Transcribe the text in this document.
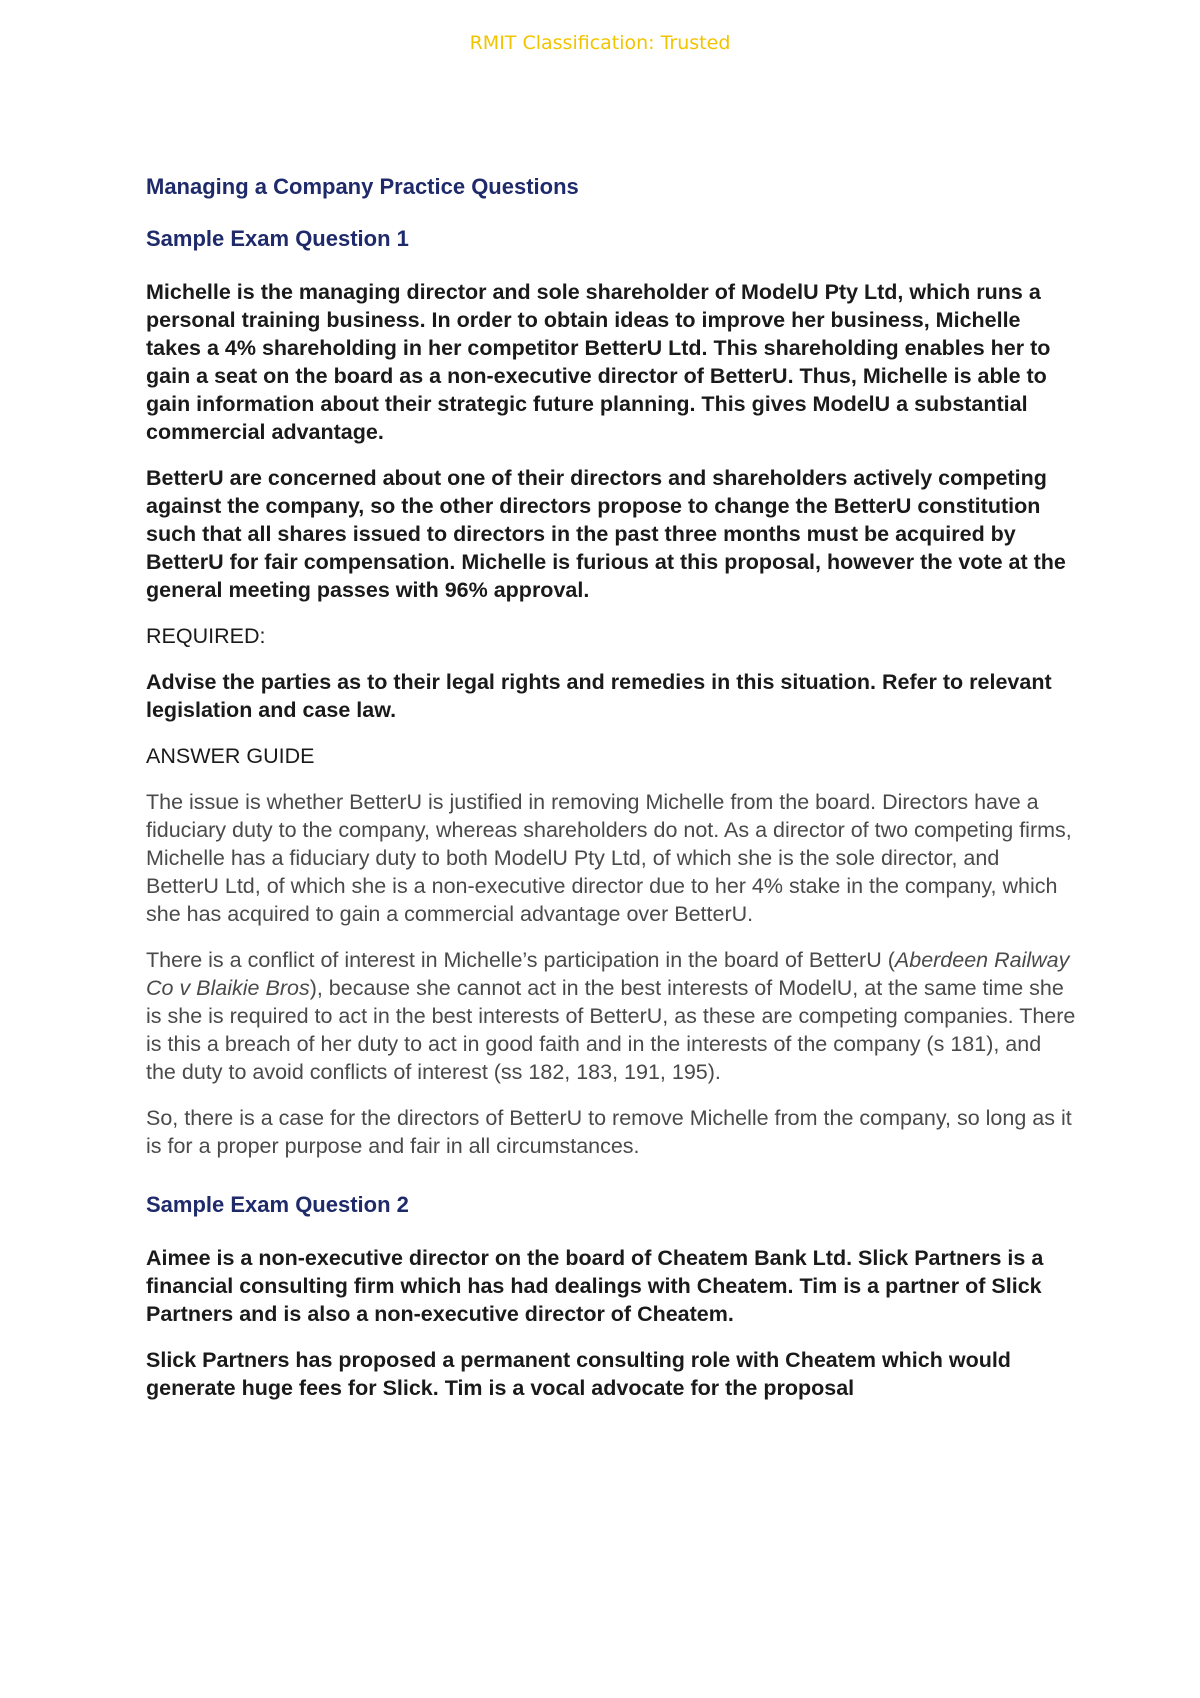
RMIT Classification: Trusted

Managing a Company Practice Questions

Sample Exam Question 1

Michelle is the managing director and sole shareholder of ModelU Pty Ltd, which runs a personal training business. In order to obtain ideas to improve her business, Michelle takes a 4% shareholding in her competitor BetterU Ltd. This shareholding enables her to gain a seat on the board as a non-executive director of BetterU. Thus, Michelle is able to gain information about their strategic future planning. This gives ModelU a substantial commercial advantage.

BetterU are concerned about one of their directors and shareholders actively competing against the company, so the other directors propose to change the BetterU constitution such that all shares issued to directors in the past three months must be acquired by BetterU for fair compensation. Michelle is furious at this proposal, however the vote at the general meeting passes with 96% approval.

REQUIRED:

Advise the parties as to their legal rights and remedies in this situation. Refer to relevant legislation and case law.

ANSWER GUIDE

The issue is whether BetterU is justified in removing Michelle from the board. Directors have a fiduciary duty to the company, whereas shareholders do not. As a director of two competing firms, Michelle has a fiduciary duty to both ModelU Pty Ltd, of which she is the sole director, and BetterU Ltd, of which she is a non-executive director due to her 4% stake in the company, which she has acquired to gain a commercial advantage over BetterU.

There is a conflict of interest in Michelle’s participation in the board of BetterU (Aberdeen Railway Co v Blaikie Bros), because she cannot act in the best interests of ModelU, at the same time she is she is required to act in the best interests of BetterU, as these are competing companies. There is this a breach of her duty to act in good faith and in the interests of the company (s 181), and the duty to avoid conflicts of interest (ss 182, 183, 191, 195).

So, there is a case for the directors of BetterU to remove Michelle from the company, so long as it is for a proper purpose and fair in all circumstances.

Sample Exam Question 2

Aimee is a non-executive director on the board of Cheatem Bank Ltd. Slick Partners is a financial consulting firm which has had dealings with Cheatem. Tim is a partner of Slick Partners and is also a non-executive director of Cheatem.

Slick Partners has proposed a permanent consulting role with Cheatem which would generate huge fees for Slick. Tim is a vocal advocate for the proposal
